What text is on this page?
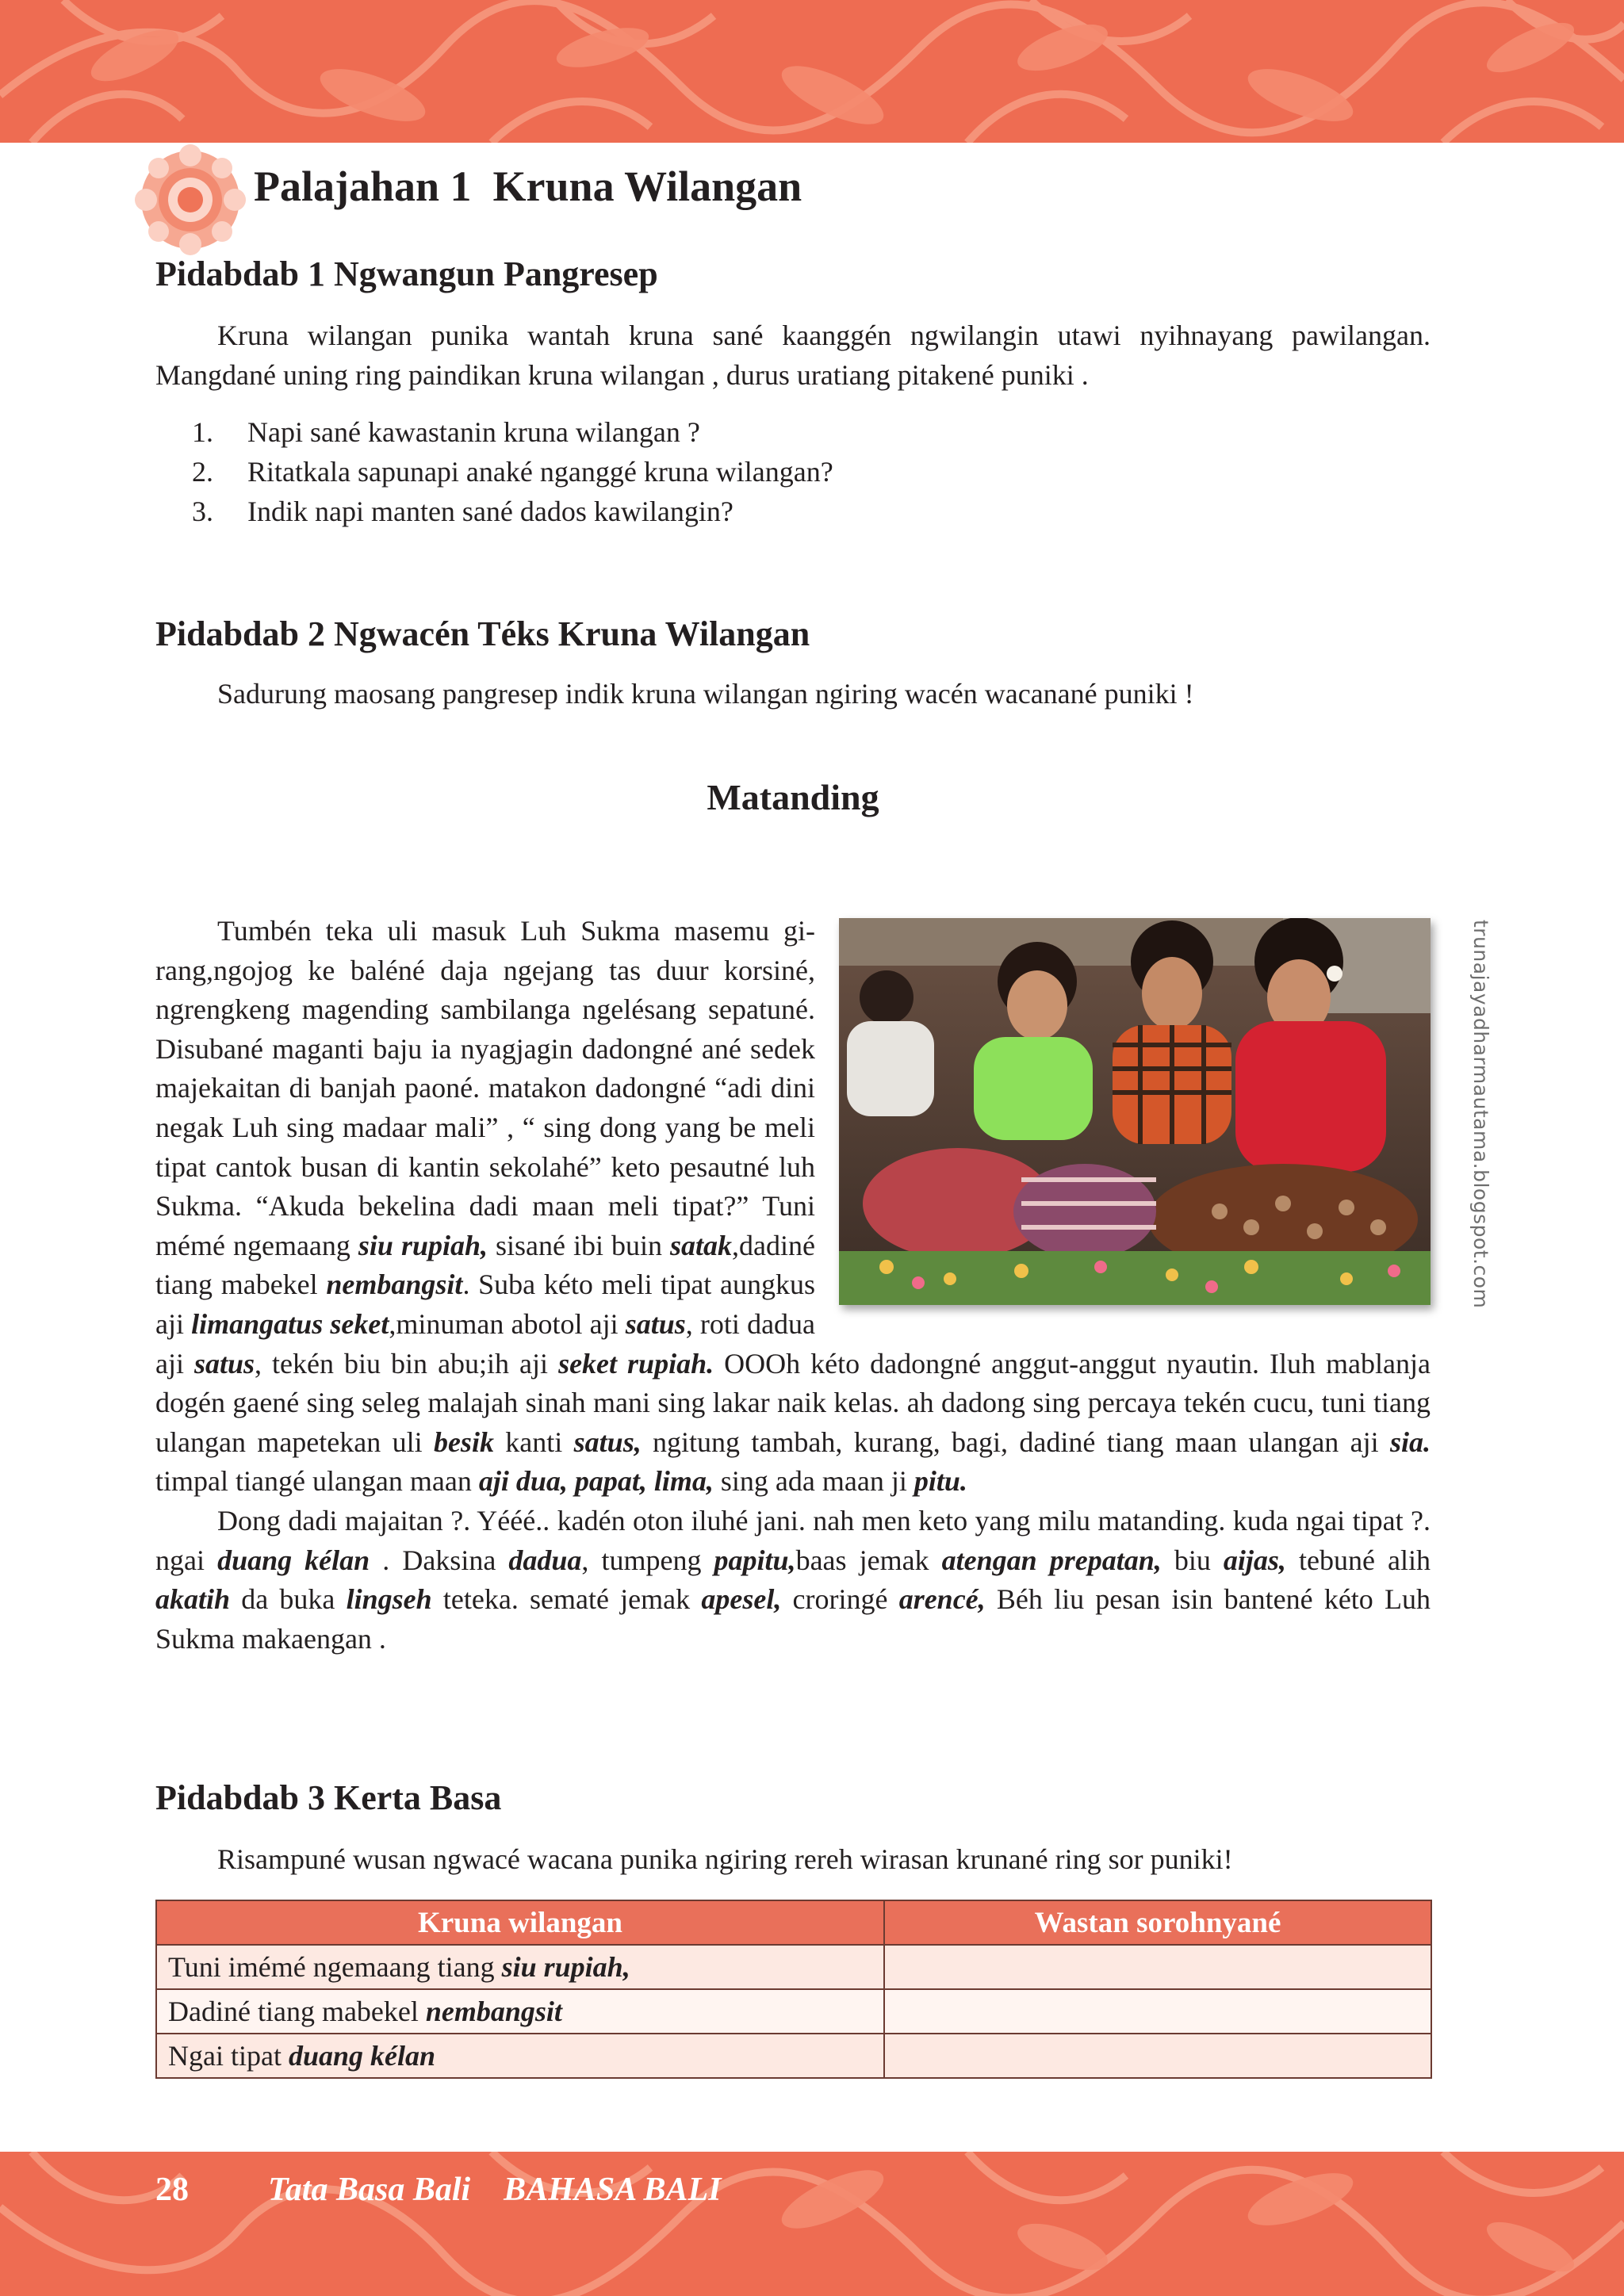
Palajahan 1  Kruna Wilangan
Pidabdab 1 Ngwangun Pangresep

Kruna wilangan punika wantah kruna sané kaanggén ngwilangin utawi nyihnayang pawilangan. Mangdané uning ring paindikan kruna wilangan , durus uratiang pitakené puniki .

1. Napi sané kawastanin kruna wilangan ?
2. Ritatkala sapunapi anaké nganggé kruna wilangan?
3. Indik napi manten sané dados kawilangin?
Pidabdab 2 Ngwacén Téks Kruna Wilangan

Sadurung maosang pangresep indik kruna wilangan ngiring wacén wacanané puniki !

Matanding

Tumbén teka uli masuk Luh Sukma masemu gi-rang,ngojog ke baléné daja ngejang tas duur korsiné, ngrengkeng magending sambilanga ngelésang sepatuné. Disubané maganti baju ia nyagjagin dadongné ané sedek majekaitan di banjah paoné. matakon dadongné “adi dini negak Luh sing madaar mali” , “ sing dong yang be meli tipat cantok busan di kantin sekolahé” keto pesautné luh Sukma. “Akuda bekelina dadi maan meli tipat?” Tuni mémé ngemaang siu rupiah, sisané ibi buin satak,dadiné tiang mabekel nembangsit. Suba kéto meli tipat aungkus aji limangatus seket,minuman abotol aji satus, roti dadua aji satus, tekén biu bin abu;ih aji seket rupiah. OOOh kéto dadongné anggut-anggut nyautin. Iluh mablanja dogén gaené sing seleg malajah sinah mani sing lakar naik kelas. ah dadong sing percaya tekén cucu, tuni tiang ulangan mapetekan uli besik kanti satus, ngitung tambah, kurang, bagi, dadiné tiang maan ulangan aji sia. timpal tiangé ulangan maan aji dua, papat, lima, sing ada maan ji pitu.

Dong dadi majaitan ?. Yééé.. kadén oton iluhé jani. nah men keto yang milu matanding. kuda ngai tipat ?. ngai duang kélan . Daksina dadua, tumpeng papitu,baas jemak atengan prepatan, biu aijas, tebuné alih akatih da buka lingseh teteka. sematé jemak apesel, croringé arencé, Béh liu pesan isin bantené kéto Luh Sukma makaengan .

trunajayadharmautama.blogspot.com
Pidabdab 3 Kerta Basa

Risampuné wusan ngwacé wacana punika ngiring rereh wirasan krunané ring sor puniki!

Kruna wilangan	Wastan sorohnyané
Tuni imémé ngemaang tiang siu rupiah,	
Dadiné tiang mabekel nembangsit	
Ngai tipat duang kélan	
28 Tata Basa Bali    BAHASA BALI
